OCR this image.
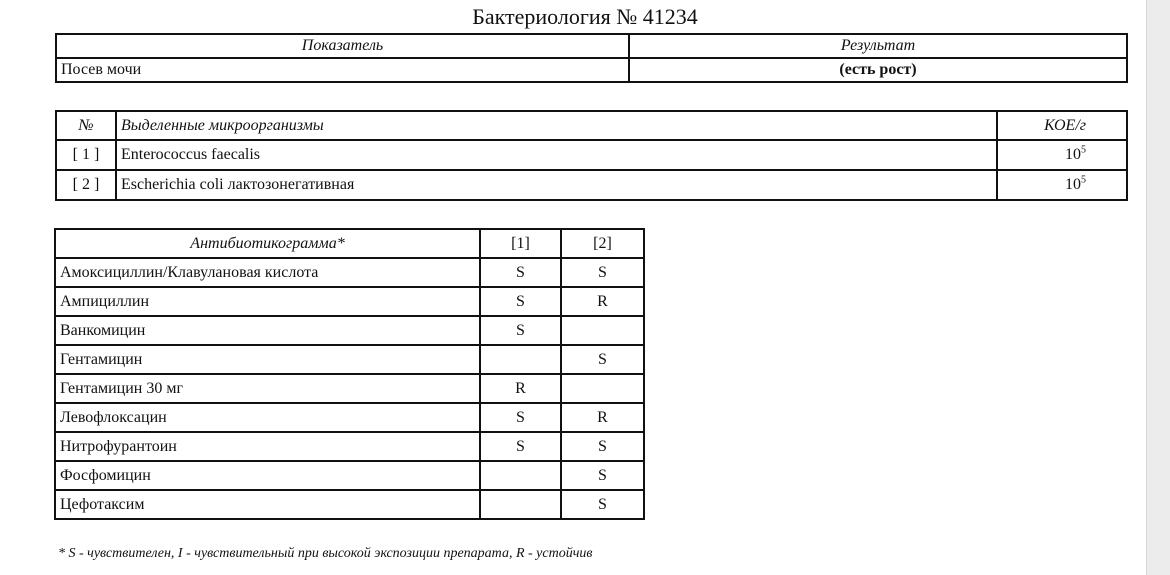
Бактериология № 41234
Показатель	Результат
Посев мочи	(есть рост)
№	Выделенные микроорганизмы	КОЕ/г
[ 1 ]	Enterococcus faecalis	$10^5$
[ 2 ]	Escherichia coli лактозонегативная	$10^5$
Антибиотикограмма*	[1]	[2]
Амоксициллин/Клавулановая кислота	S	S
Ампициллин	S	R
Ванкомицин	S	
Гентамицин		S
Гентамицин 30 мг	R	
Левофлоксацин	S	R
Нитрофурантоин	S	S
Фосфомицин		S
Цефотаксим		S
* S - чувствителен, I - чувствительный при высокой экспозиции препарата, R - устойчив
